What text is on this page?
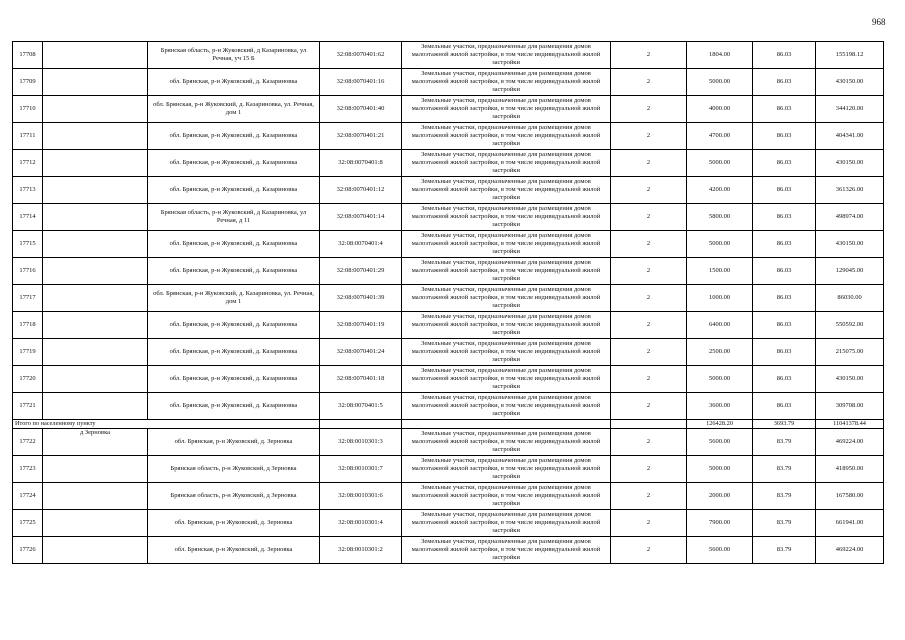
968
17708		Брянская область, р-н Жуковский, д Казариновка, ул Речная, уч 15 Б	32:08:0070401:62	Земельные участки, предназначенные для размещения домов малоэтажной жилой застройки, в том числе индивидуальной жилой застройки	2	1804.00	86.03	155198.12
17709		обл. Брянская, р-н Жуковский, д. Казариновка	32:08:0070401:16	Земельные участки, предназначенные для размещения домов малоэтажной жилой застройки, в том числе индивидуальной жилой застройки	2	5000.00	86.03	430150.00
17710		обл. Брянская, р-н Жуковский, д. Казариновка, ул. Речная, дом 1	32:08:0070401:40	Земельные участки, предназначенные для размещения домов малоэтажной жилой застройки, в том числе индивидуальной жилой застройки	2	4000.00	86.03	344120.00
17711		обл. Брянская, р-н Жуковский, д. Казариновка	32:08:0070401:21	Земельные участки, предназначенные для размещения домов малоэтажной жилой застройки, в том числе индивидуальной жилой застройки	2	4700.00	86.03	404341.00
17712		обл. Брянская, р-н Жуковский, д. Казариновка	32:08:0070401:8	Земельные участки, предназначенные для размещения домов малоэтажной жилой застройки, в том числе индивидуальной жилой застройки	2	5000.00	86.03	430150.00
17713		обл. Брянская, р-н Жуковский, д. Казариновка	32:08:0070401:12	Земельные участки, предназначенные для размещения домов малоэтажной жилой застройки, в том числе индивидуальной жилой застройки	2	4200.00	86.03	361326.00
17714		Брянская область, р-н Жуковский, д Казариновка, ул Речная, д 11	32:08:0070401:14	Земельные участки, предназначенные для размещения домов малоэтажной жилой застройки, в том числе индивидуальной жилой застройки	2	5800.00	86.03	498974.00
17715		обл. Брянская, р-н Жуковский, д. Казариновка	32:08:0070401:4	Земельные участки, предназначенные для размещения домов малоэтажной жилой застройки, в том числе индивидуальной жилой застройки	2	5000.00	86.03	430150.00
17716		обл. Брянская, р-н Жуковский, д. Казариновка	32:08:0070401:29	Земельные участки, предназначенные для размещения домов малоэтажной жилой застройки, в том числе индивидуальной жилой застройки	2	1500.00	86.03	129045.00
17717		обл. Брянская, р-н Жуковский, д. Казариновка, ул. Речная, дом 1	32:08:0070401:39	Земельные участки, предназначенные для размещения домов малоэтажной жилой застройки, в том числе индивидуальной жилой застройки	2	1000.00	86.03	86030.00
17718		обл. Брянская, р-н Жуковский, д. Казариновка	32:08:0070401:19	Земельные участки, предназначенные для размещения домов малоэтажной жилой застройки, в том числе индивидуальной жилой застройки	2	6400.00	86.03	550592.00
17719		обл. Брянская, р-н Жуковский, д. Казариновка	32:08:0070401:24	Земельные участки, предназначенные для размещения домов малоэтажной жилой застройки, в том числе индивидуальной жилой застройки	2	2500.00	86.03	215075.00
17720		обл. Брянская, р-н Жуковский, д. Казариновка	32:08:0070401:18	Земельные участки, предназначенные для размещения домов малоэтажной жилой застройки, в том числе индивидуальной жилой застройки	2	5000.00	86.03	430150.00
17721		обл. Брянская, р-н Жуковский, д. Казариновка	32:08:0070401:5	Земельные участки, предназначенные для размещения домов малоэтажной жилой застройки, в том числе индивидуальной жилой застройки	2	3600.00	86.03	309708.00
Итого по населенному пункту						126428.20	3693.79	11041378.44
17722	д Зерновка	обл. Брянская, р-н Жуковский, д. Зерновка	32:08:0010301:3	Земельные участки, предназначенные для размещения домов малоэтажной жилой застройки, в том числе индивидуальной жилой застройки	2	5600.00	83.79	469224.00
17723		Брянская область, р-н Жуковский, д Зерновка	32:08:0010301:7	Земельные участки, предназначенные для размещения домов малоэтажной жилой застройки, в том числе индивидуальной жилой застройки	2	5000.00	83.79	418950.00
17724		Брянская область, р-н Жуковский, д Зерновка	32:08:0010301:6	Земельные участки, предназначенные для размещения домов малоэтажной жилой застройки, в том числе индивидуальной жилой застройки	2	2000.00	83.79	167580.00
17725		обл. Брянская, р-н Жуковский, д. Зерновка	32:08:0010301:4	Земельные участки, предназначенные для размещения домов малоэтажной жилой застройки, в том числе индивидуальной жилой застройки	2	7900.00	83.79	661941.00
17726		обл. Брянская, р-н Жуковский, д. Зерновка	32:08:0010301:2	Земельные участки, предназначенные для размещения домов малоэтажной жилой застройки, в том числе индивидуальной жилой застройки	2	5600.00	83.79	469224.00
